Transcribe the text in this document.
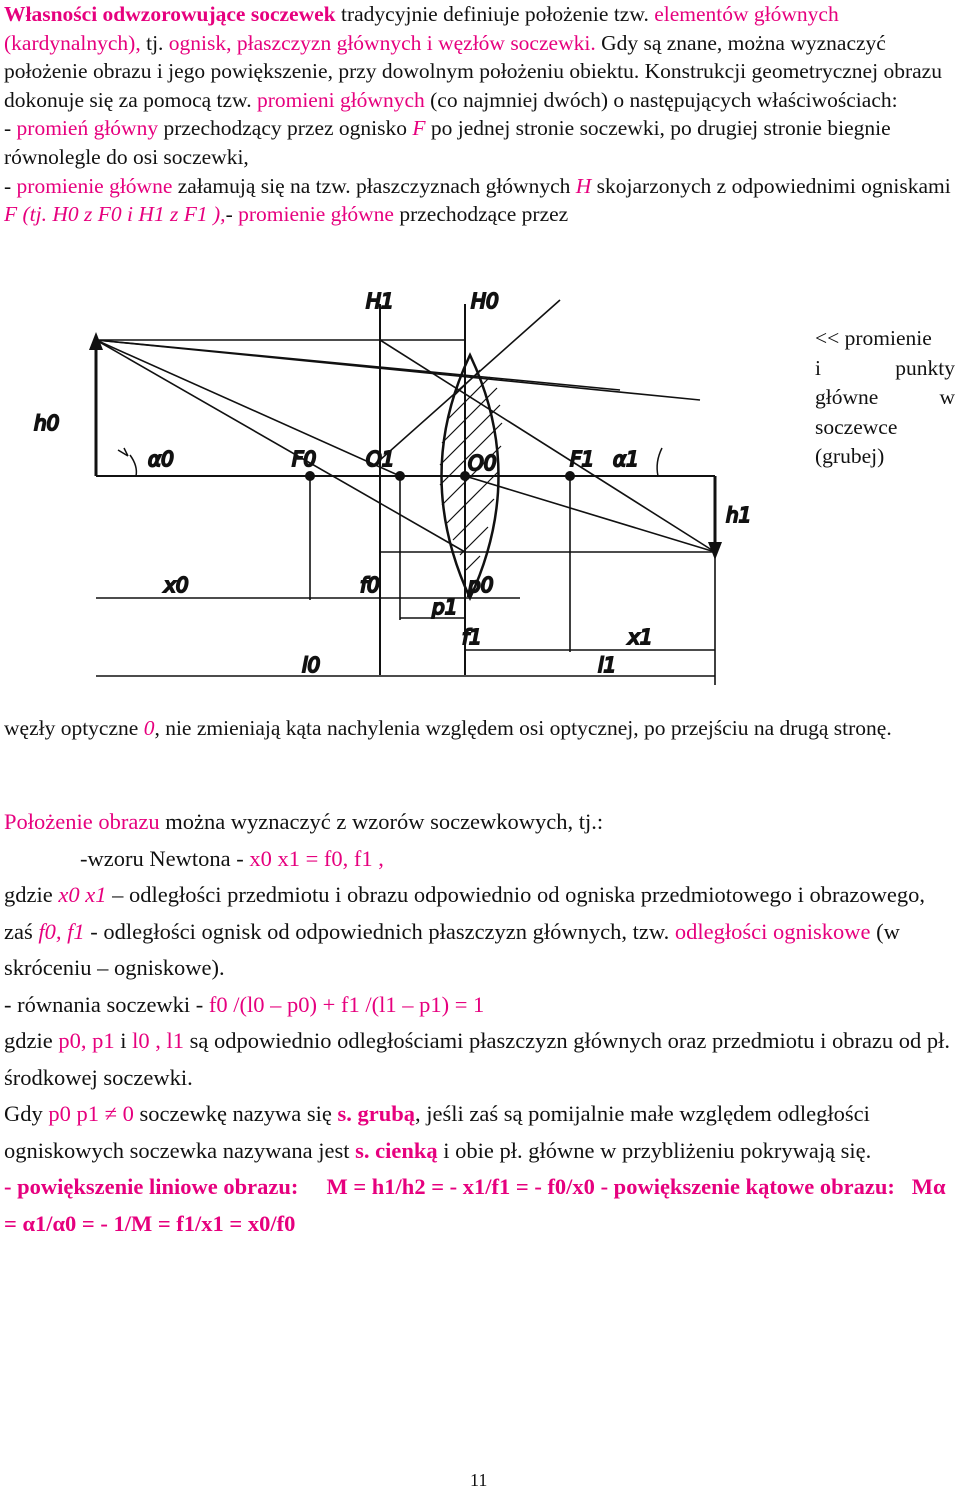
Własności odwzorowujące soczewek tradycyjnie definiuje położenie tzw. elementów głównych (kardynalnych), tj. ognisk, płaszczyzn głównych i węzłów soczewki. Gdy są znane, można wyznaczyć położenie obrazu i jego powiększenie, przy dowolnym położeniu obiektu. Konstrukcji geometrycznej obrazu dokonuje się za pomocą tzw. promieni głównych (co najmniej dwóch) o następujących właściwościach:
- promień główny przechodzący przez ognisko F po jednej stronie soczewki, po drugiej stronie biegnie równolegle do osi soczewki,
- promienie główne załamują się na tzw. płaszczyznach głównych H skojarzonych z odpowiednimi ogniskami F (tj. H0 z F0 i H1 z F1 ),- promienie główne przechodzące przez
H1	H0
h0
α0	F0 O1	O0	F1 α1
h1
x0	f0	p0
p1
f1	x1
l0	l1
<< promienie
i punkty
główne w
soczewce
(grubej)
węzły optyczne 0, nie zmieniają kąta nachylenia względem osi optycznej, po przejściu na drugą stronę.
Położenie obrazu można wyznaczyć z wzorów soczewkowych, tj.:
-wzoru Newtona - x0 x1 = f0, f1 ,
gdzie x0 x1 – odległości przedmiotu i obrazu odpowiednio od ogniska przedmiotowego i obrazowego,
zaś f0, f1 - odległości ognisk od odpowiednich płaszczyzn głównych, tzw. odległości ogniskowe (w skróceniu – ogniskowe).
- równania soczewki - f0 /(l0 – p0) + f1 /(l1 – p1) = 1
gdzie p0, p1 i l0 , l1 są odpowiednio odległościami płaszczyzn głównych oraz przedmiotu i obrazu od pł. środkowej soczewki.
Gdy p0 p1 ≠ 0 soczewkę nazywa się s. grubą, jeśli zaś są pomijalnie małe względem odległości ogniskowych soczewka nazywana jest s. cienką i obie pł. główne w przybliżeniu pokrywają się.
- powiększenie liniowe obrazu: M = h1/h2 = - x1/f1 = - f0/x0 - powiększenie kątowe obrazu: Mα = α1/α0 = - 1/M = f1/x1 = x0/f0
11
